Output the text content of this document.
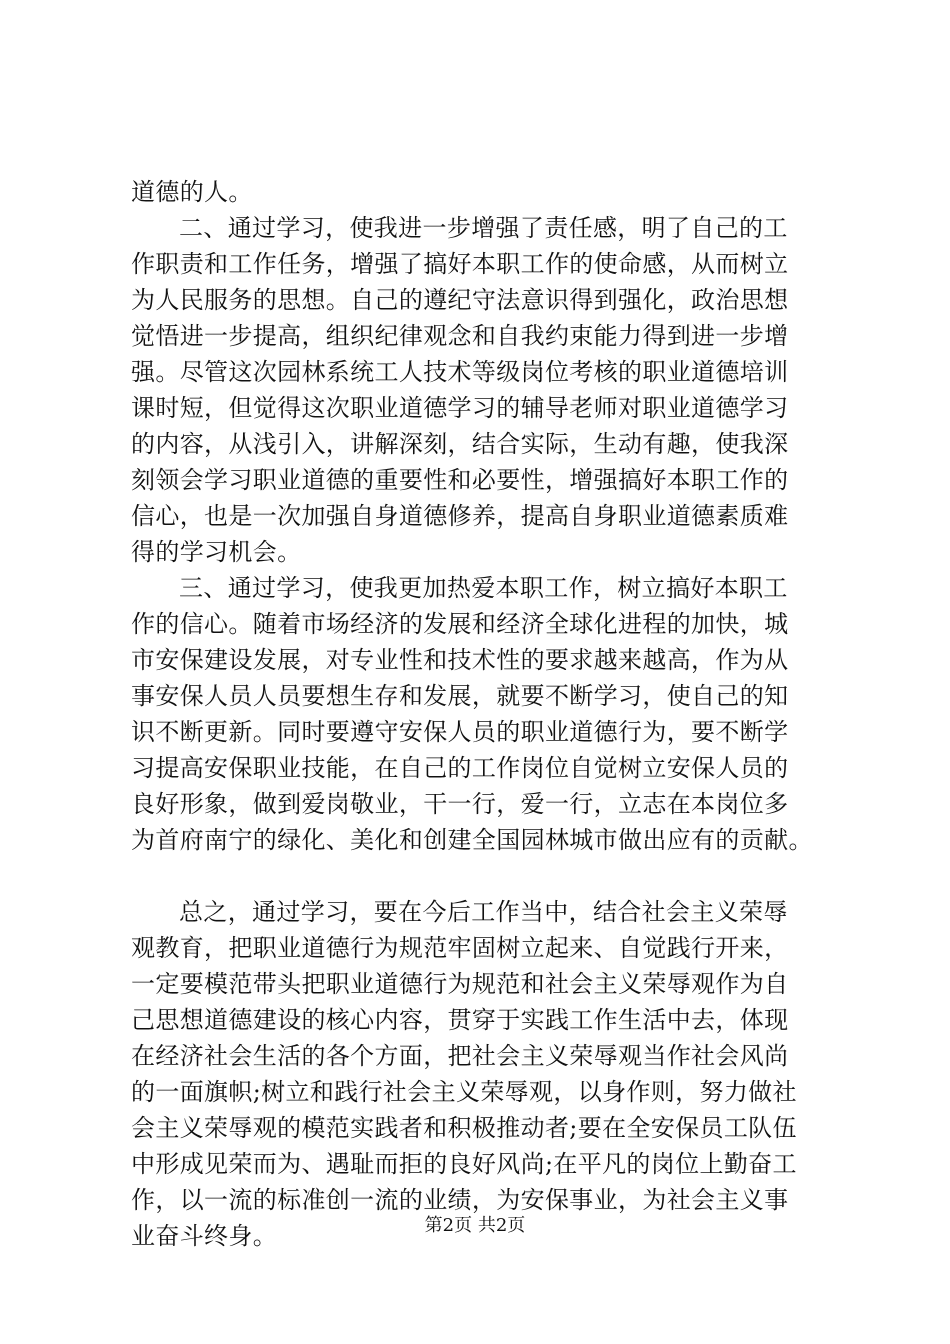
道德的人。
二、通过学习，使我进一步增强了责任感，明了自己的工
作职责和工作任务，增强了搞好本职工作的使命感，从而树立
为人民服务的思想。自己的遵纪守法意识得到强化，政治思想
觉悟进一步提高，组织纪律观念和自我约束能力得到进一步增
强。尽管这次园林系统工人技术等级岗位考核的职业道德培训
课时短，但觉得这次职业道德学习的辅导老师对职业道德学习
的内容，从浅引入，讲解深刻，结合实际，生动有趣，使我深
刻领会学习职业道德的重要性和必要性，增强搞好本职工作的
信心，也是一次加强自身道德修养，提高自身职业道德素质难
得的学习机会。
三、通过学习，使我更加热爱本职工作，树立搞好本职工
作的信心。随着市场经济的发展和经济全球化进程的加快，城
市安保建设发展，对专业性和技术性的要求越来越高，作为从
事安保人员人员要想生存和发展，就要不断学习，使自己的知
识不断更新。同时要遵守安保人员的职业道德行为，要不断学
习提高安保职业技能，在自己的工作岗位自觉树立安保人员的
良好形象，做到爱岗敬业，干一行，爱一行，立志在本岗位多
为首府南宁的绿化、美化和创建全国园林城市做出应有的贡献。
总之，通过学习，要在今后工作当中，结合社会主义荣辱
观教育，把职业道德行为规范牢固树立起来、自觉践行开来，
一定要模范带头把职业道德行为规范和社会主义荣辱观作为自
己思想道德建设的核心内容，贯穿于实践工作生活中去，体现
在经济社会生活的各个方面，把社会主义荣辱观当作社会风尚
的一面旗帜;树立和践行社会主义荣辱观，以身作则，努力做社
会主义荣辱观的模范实践者和积极推动者;要在全安保员工队伍
中形成见荣而为、遇耻而拒的良好风尚;在平凡的岗位上勤奋工
作，以一流的标准创一流的业绩，为安保事业，为社会主义事
业奋斗终身。	第2页 共2页
